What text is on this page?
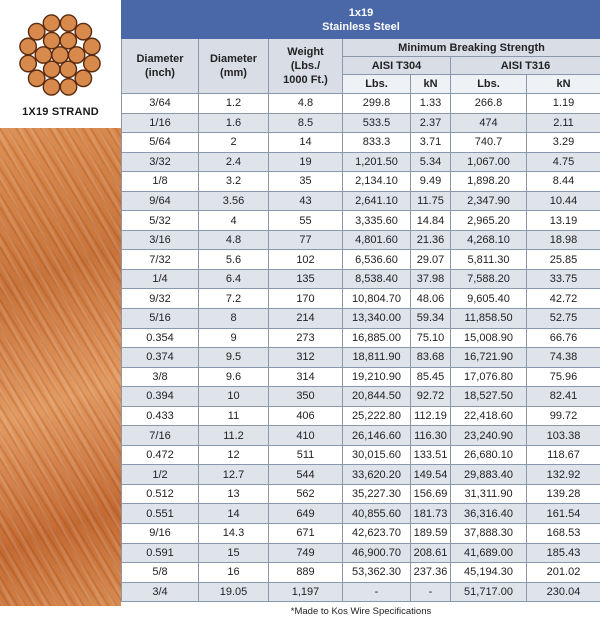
1X19 STRAND
1x19
Stainless Steel						

Diameter (inch)	Diameter (mm)	Weight (Lbs./ 1000 Ft.)	Minimum Breaking Strength			
			AISI T304		AISI T316	
			Lbs.	kN	Lbs.	kN
3/64	1.2	4.8	299.8	1.33	266.8	1.19
1/16	1.6	8.5	533.5	2.37	474	2.11
5/64	2	14	833.3	3.71	740.7	3.29
3/32	2.4	19	1,201.50	5.34	1,067.00	4.75
1/8	3.2	35	2,134.10	9.49	1,898.20	8.44
9/64	3.56	43	2,641.10	11.75	2,347.90	10.44
5/32	4	55	3,335.60	14.84	2,965.20	13.19
3/16	4.8	77	4,801.60	21.36	4,268.10	18.98
7/32	5.6	102	6,536.60	29.07	5,811.30	25.85
1/4	6.4	135	8,538.40	37.98	7,588.20	33.75
9/32	7.2	170	10,804.70	48.06	9,605.40	42.72
5/16	8	214	13,340.00	59.34	11,858.50	52.75
0.354	9	273	16,885.00	75.10	15,008.90	66.76
0.374	9.5	312	18,811.90	83.68	16,721.90	74.38
3/8	9.6	314	19,210.90	85.45	17,076.80	75.96
0.394	10	350	20,844.50	92.72	18,527.50	82.41
0.433	11	406	25,222.80	112.19	22,418.60	99.72
7/16	11.2	410	26,146.60	116.30	23,240.90	103.38
0.472	12	511	30,015.60	133.51	26,680.10	118.67
1/2	12.7	544	33,620.20	149.54	29,883.40	132.92
0.512	13	562	35,227.30	156.69	31,311.90	139.28
0.551	14	649	40,855.60	181.73	36,316.40	161.54
9/16	14.3	671	42,623.70	189.59	37,888.30	168.53
0.591	15	749	46,900.70	208.61	41,689.00	185.43
5/8	16	889	53,362.30	237.36	45,194.30	201.02
3/4	19.05	1,197	-	-	51,717.00	230.04
*Made to Kos Wire Specifications						
